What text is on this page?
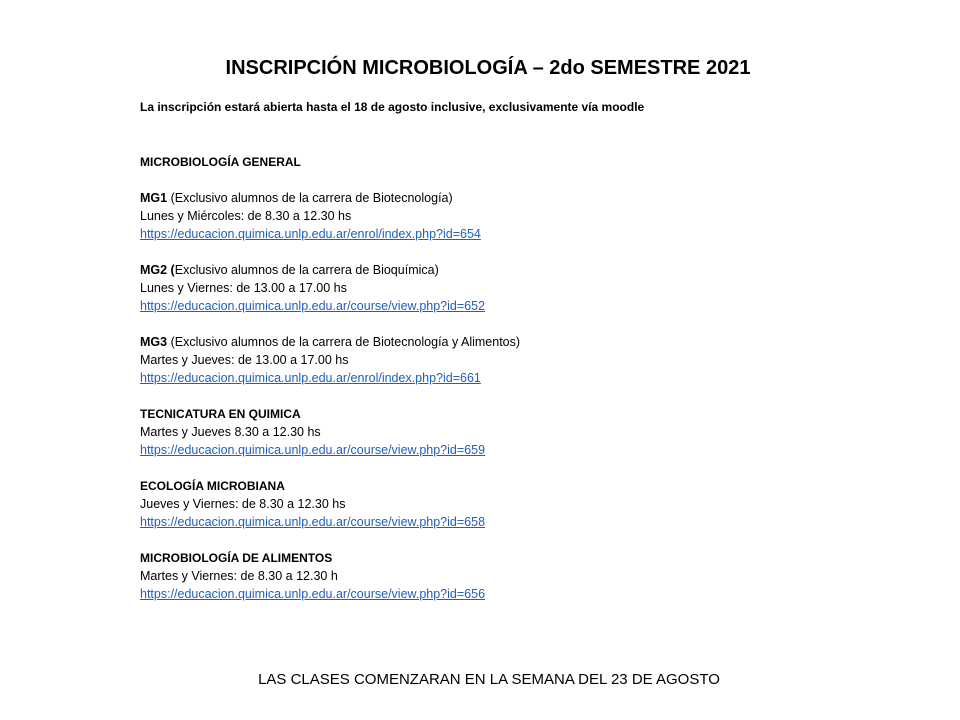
INSCRIPCIÓN MICROBIOLOGÍA – 2do SEMESTRE 2021
La inscripción estará abierta hasta el 18 de agosto inclusive, exclusivamente vía moodle
MICROBIOLOGÍA GENERAL
MG1 (Exclusivo alumnos de la carrera de Biotecnología)
Lunes y Miércoles: de 8.30 a 12.30 hs
https://educacion.quimica.unlp.edu.ar/enrol/index.php?id=654
MG2 (Exclusivo alumnos de la carrera de Bioquímica)
Lunes y Viernes: de 13.00 a 17.00 hs
https://educacion.quimica.unlp.edu.ar/course/view.php?id=652
MG3 (Exclusivo alumnos de la carrera de Biotecnología y Alimentos)
Martes y Jueves: de 13.00 a 17.00 hs
https://educacion.quimica.unlp.edu.ar/enrol/index.php?id=661
TECNICATURA EN QUIMICA
Martes y Jueves 8.30 a 12.30 hs
https://educacion.quimica.unlp.edu.ar/course/view.php?id=659
ECOLOGÍA MICROBIANA
Jueves y Viernes: de 8.30 a 12.30 hs
https://educacion.quimica.unlp.edu.ar/course/view.php?id=658
MICROBIOLOGÍA DE ALIMENTOS
Martes y Viernes: de 8.30 a 12.30 h
https://educacion.quimica.unlp.edu.ar/course/view.php?id=656
LAS CLASES COMENZARAN EN LA SEMANA DEL 23 DE AGOSTO
